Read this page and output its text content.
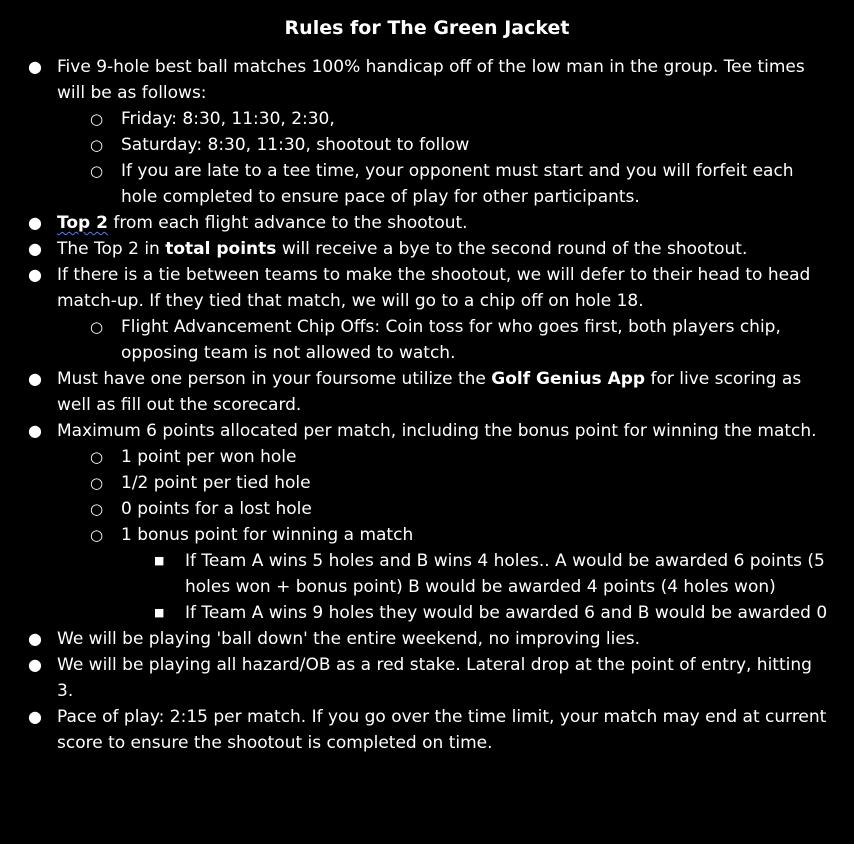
Rules for The Green Jacket
● Five 9-hole best ball matches 100% handicap off of the low man in the group. Tee times will be as follows:
○ Friday: 8:30, 11:30, 2:30,
○ Saturday: 8:30, 11:30, shootout to follow
○ If you are late to a tee time, your opponent must start and you will forfeit each hole completed to ensure pace of play for other participants.
● Top 2 from each flight advance to the shootout.
● The Top 2 in total points will receive a bye to the second round of the shootout.
● If there is a tie between teams to make the shootout, we will defer to their head to head match-up. If they tied that match, we will go to a chip off on hole 18.
○ Flight Advancement Chip Offs: Coin toss for who goes first, both players chip, opposing team is not allowed to watch.
● Must have one person in your foursome utilize the Golf Genius App for live scoring as well as fill out the scorecard.
● Maximum 6 points allocated per match, including the bonus point for winning the match.
○ 1 point per won hole
○ 1/2 point per tied hole
○ 0 points for a lost hole
○ 1 bonus point for winning a match
■ If Team A wins 5 holes and B wins 4 holes.. A would be awarded 6 points (5 holes won + bonus point) B would be awarded 4 points (4 holes won)
■ If Team A wins 9 holes they would be awarded 6 and B would be awarded 0
● We will be playing 'ball down' the entire weekend, no improving lies.
● We will be playing all hazard/OB as a red stake. Lateral drop at the point of entry, hitting 3.
● Pace of play: 2:15 per match. If you go over the time limit, your match may end at current score to ensure the shootout is completed on time.
